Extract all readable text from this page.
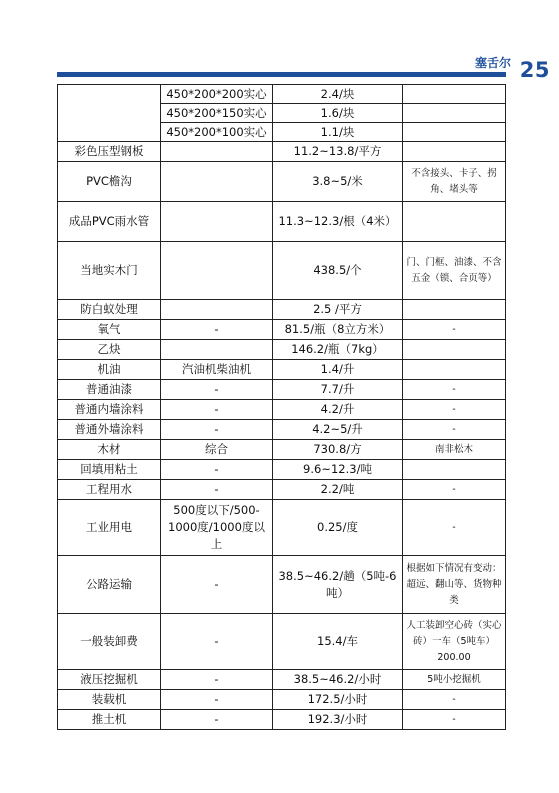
塞舌尔 25
	450*200*200实心	2.4/块	
	450*200*150实心	1.6/块	
	450*200*100实心	1.1/块	
彩色压型钢板		11.2~13.8/平方	
PVC檐沟		3.8~5/米	不含接头、卡子、拐角、堵头等
成品PVC雨水管		11.3~12.3/根（4米）	
当地实木门		438.5/个	门、门框、油漆、不含五金（锁、合页等）
防白蚁处理		2.5 /平方	
氧气	-	81.5/瓶（8立方米）	-
乙炔		146.2/瓶（7kg）	
机油	汽油机柴油机	1.4/升	
普通油漆	-	7.7/升	-
普通内墙涂料	-	4.2/升	-
普通外墙涂料	-	4.2~5/升	-
木材	综合	730.8/方	南非松木
回填用粘土	-	9.6~12.3/吨	
工程用水	-	2.2/吨	-
工业用电	500度以下/500-1000度/1000度以上	0.25/度	-
公路运输	-	38.5~46.2/趟（5吨-6吨）	根据如下情况有变动：超远、翻山等、货物种类
一般装卸费	-	15.4/车	人工装卸空心砖（实心砖）一车（5吨车）200.00
液压挖掘机	-	38.5~46.2/小时	5吨小挖掘机
装载机	-	172.5/小时	-
推土机	-	192.3/小时	-
